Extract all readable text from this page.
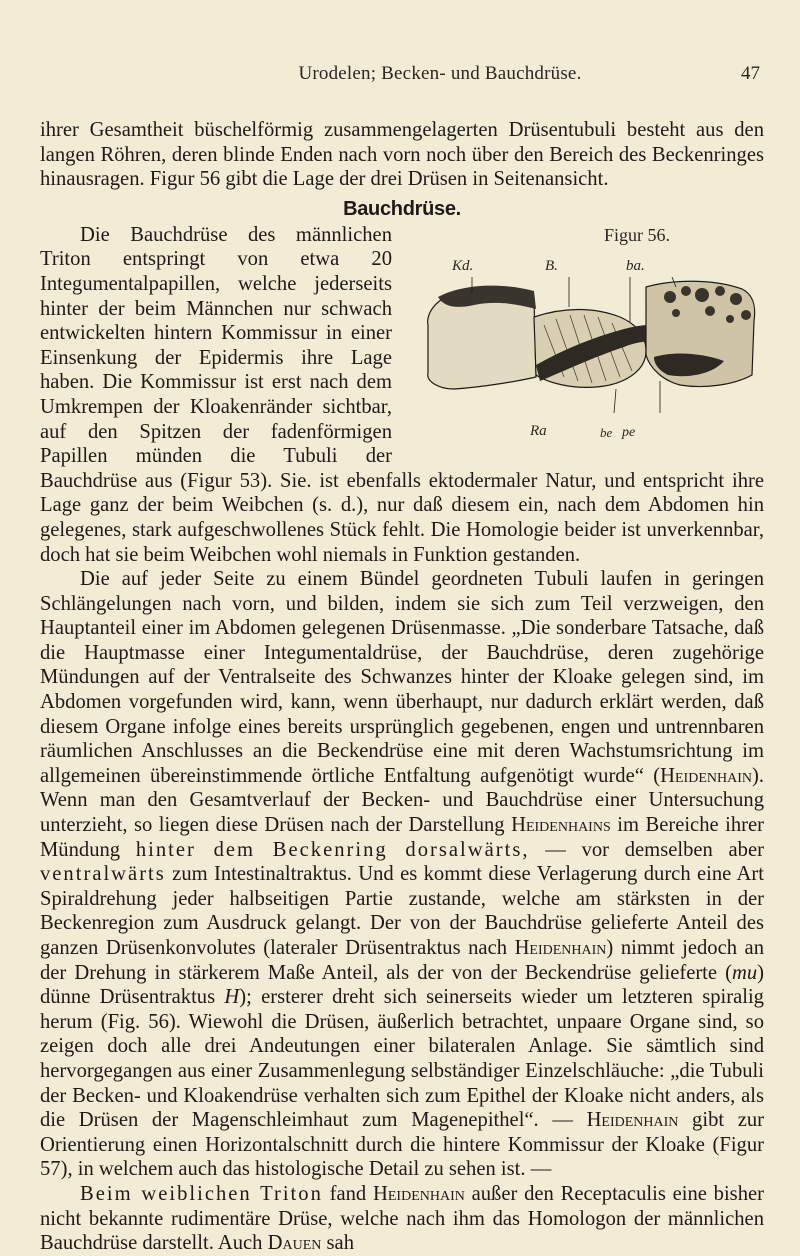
Urodelen; Becken- und Bauchdrüse.	47

ihrer Gesamtheit büschelförmig zusammengelagerten Drüsentubuli besteht aus den langen Röhren, deren blinde Enden nach vorn noch über den Bereich des Beckenringes hinausragen. Figur 56 gibt die Lage der drei Drüsen in Seitenansicht.

Bauchdrüse.
Figur 56.
Kd.	B.	ba.
Ra	be pe

Die Bauchdrüse des männlichen Triton entspringt von etwa 20 Integumentalpapillen, welche jederseits hinter der beim Männchen nur schwach entwickelten hintern Kommissur in einer Einsenkung der Epidermis ihre Lage haben. Die Kommissur ist erst nach dem Umkrempen der Kloakenränder sichtbar, auf den Spitzen der fadenförmigen Papillen münden die Tubuli der Bauchdrüse aus (Figur 53). Sie. ist ebenfalls ektodermaler Natur, und entspricht ihre Lage ganz der beim Weibchen (s. d.), nur daß diesem ein, nach dem Abdomen hin gelegenes, stark aufgeschwollenes Stück fehlt. Die Homologie beider ist unverkennbar, doch hat sie beim Weibchen wohl niemals in Funktion gestanden.

Die auf jeder Seite zu einem Bündel geordneten Tubuli laufen in geringen Schlängelungen nach vorn, und bilden, indem sie sich zum Teil verzweigen, den Hauptanteil einer im Abdomen gelegenen Drüsenmasse. „Die sonderbare Tatsache, daß die Hauptmasse einer Integumentaldrüse, der Bauchdrüse, deren zugehörige Mündungen auf der Ventralseite des Schwanzes hinter der Kloake gelegen sind, im Abdomen vorgefunden wird, kann, wenn überhaupt, nur dadurch erklärt werden, daß diesem Organe infolge eines bereits ursprünglich gegebenen, engen und untrennbaren räumlichen Anschlusses an die Beckendrüse eine mit deren Wachstumsrichtung im allgemeinen übereinstimmende örtliche Entfaltung aufgenötigt wurde“ (Heidenhain). Wenn man den Gesamtverlauf der Becken- und Bauchdrüse einer Untersuchung unterzieht, so liegen diese Drüsen nach der Darstellung Heidenhains im Bereiche ihrer Mündung hinter dem Beckenring dorsalwärts, — vor demselben aber ventralwärts zum Intestinaltraktus. Und es kommt diese Verlagerung durch eine Art Spiraldrehung jeder halbseitigen Partie zustande, welche am stärksten in der Beckenregion zum Ausdruck gelangt. Der von der Bauchdrüse gelieferte Anteil des ganzen Drüsenkonvolutes (lateraler Drüsentraktus nach Heidenhain) nimmt jedoch an der Drehung in stärkerem Maße Anteil, als der von der Beckendrüse gelieferte (mu) dünne Drüsentraktus H); ersterer dreht sich seinerseits wieder um letzteren spiralig herum (Fig. 56). Wiewohl die Drüsen, äußerlich betrachtet, unpaare Organe sind, so zeigen doch alle drei Andeutungen einer bilateralen Anlage. Sie sämtlich sind hervorgegangen aus einer Zusammenlegung selbständiger Einzelschläuche: „die Tubuli der Becken- und Kloakendrüse verhalten sich zum Epithel der Kloake nicht anders, als die Drüsen der Magenschleimhaut zum Magenepithel“. — Heidenhain gibt zur Orientierung einen Horizontalschnitt durch die hintere Kommissur der Kloake (Figur 57), in welchem auch das histologische Detail zu sehen ist. —

Beim weiblichen Triton fand Heidenhain außer den Receptaculis eine bisher nicht bekannte rudimentäre Drüse, welche nach ihm das Homologon der männlichen Bauchdrüse darstellt. Auch Dauen sah
